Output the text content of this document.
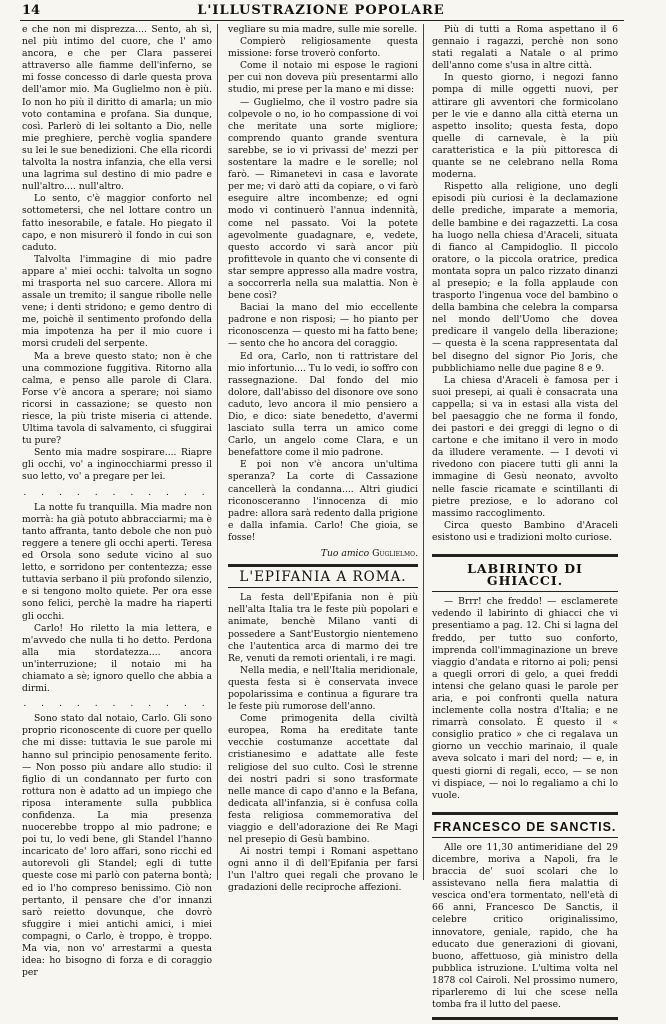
14	L'ILLUSTRAZIONE POPOLARE

e che non mi disprezza.... Sento, ah sì, nel più intimo del cuore, che l' amo ancora, e che per Clara passerei attraverso alle fiamme dell'inferno, se mi fosse concesso di darle questa prova dell'amor mio. Ma Guglielmo non è più. Io non ho più il diritto di amarla; un mio voto contamina e profana. Sia dunque, così. Parlerò di lei soltanto a Dio, nelle mie preghiere, perchè voglia spandere su lei le sue benedizioni. Che ella ricordi talvolta la nostra infanzia, che ella versi una lagrima sul destino di mio padre e null'altro.... null'altro.

Lo sento, c'è maggior conforto nel sottometersi, che nel lottare contro un fatto inesorabile, e fatale. Ho piegato il capo, e non misurerò il fondo in cui son caduto.

Talvolta l'immagine di mio padre appare a' miei occhi: talvolta un sogno mi trasporta nel suo carcere. Allora mi assale un tremito; il sangue ribolle nelle vene; i denti stridono; e gemo dentro di me, poichè il sentimento profondo della mia impotenza ha per il mio cuore i morsi crudeli del serpente.

Ma a breve questo stato; non è che una commozione fuggitiva. Ritorno alla calma, e penso alle parole di Clara. Forse v'è ancora a sperare; noi siamo ricorsi in cassazione; se questo non riesce, la più triste miseria ci attende. Ultima tavola di salvamento, ci sfuggirai tu pure?

Sento mia madre sospirare.... Riapre gli occhi, vo' a inginocchiarmi presso il suo letto, vo' a pregare per lei.

. . . . . . . . . . .

La notte fu tranquilla. Mia madre non morrà: ha già potuto abbracciarmi; ma è tanto affranta, tanto debole che non può reggere a tenere gli occhi aperti. Teresa ed Orsola sono sedute vicino al suo letto, e sorridono per contentezza; esse tuttavia serbano il più profondo silenzio, e si tengono molto quiete. Per ora esse sono felici, perchè la madre ha riaperti gli occhi.

Carlo! Ho riletto la mia lettera, e m'avvedo che nulla ti ho detto. Perdona alla mia stordatezza.... ancora un'interruzione; il notaio mi ha chiamato a sè; ignoro quello che abbia a dirmi.

. . . . . . . . . . .

Sono stato dal notaio, Carlo. Gli sono proprio riconoscente di cuore per quello che mi disse: tuttavia le sue parole mi hanno sul principio penosamente ferito. — Non posso più andare allo studio: il figlio di un condannato per furto con rottura non è adatto ad un impiego che riposa interamente sulla pubblica confidenza. La mia presenza nuocerebbe troppo al mio padrone; e poi tu, lo vedi bene, gli Standel l'hanno incaricato de' loro affari, sono ricchi ed autorevoli gli Standel; egli di tutte queste cose mi parlò con paterna bontà; ed io l'ho compreso benissimo. Ciò non pertanto, il pensare che d'or innanzi sarò reietto dovunque, che dovrò sfuggire i miei antichi amici, i miei compagni, o Carlo, è troppo, è troppo. Ma via, non vo' arrestarmi a questa idea: ho bisogno di forza e di coraggio per

vegliare su mia madre, sulle mie sorelle.

Compierò religiosamente questa missione: forse troverò conforto.

Come il notaio mi espose le ragioni per cui non doveva più presentarmi allo studio, mi prese per la mano e mi disse:

— Guglielmo, che il vostro padre sia colpevole o no, io ho compassione di voi che meritate una sorte migliore; comprendo quanto grande sventura sarebbe, se io vi privassi de' mezzi per sostentare la madre e le sorelle; nol farò. — Rimanetevi in casa e lavorate per me; vi darò atti da copiare, o vi farò eseguire altre incombenze; ed ogni modo vi continuerò l'annua indennità, come nel passato. Voi la potete agevolmente guadagnare, e, vedete, questo accordo vi sarà ancor più profittevole in quanto che vi consente di star sempre appresso alla madre vostra, a soccorrerla nella sua malattia. Non è bene così?

Baciai la mano del mio eccellente padrone e non risposi; — ho pianto per riconoscenza — questo mi ha fatto bene; — sento che ho ancora del coraggio.

Ed ora, Carlo, non ti rattristare del mio infortunio.... Tu lo vedi, io soffro con rassegnazione. Dal fondo del mio dolore, dall'abisso del disonore ove sono caduto, levo ancora il mio pensiero a Dio, e dico: siate benedetto, d'avermi lasciato sulla terra un amico come Carlo, un angelo come Clara, e un benefattore come il mio padrone.

E poi non v'è ancora un'ultima speranza? La corte di Cassazione cancellerà la condanna.... Altri giudici riconosceranno l'innocenza di mio padre: allora sarà redento dalla prigione e dalla infamia. Carlo! Che gioia, se fosse!

Tuo amico Guglielmo.
L'EPIFANIA A ROMA.

La festa dell'Epifania non è più nell'alta Italia tra le feste più popolari e animate, benchè Milano vanti di possedere a Sant'Eustorgio nientemeno che l'autentica arca di marmo dei tre Re, venuti da remoti orientali, i re magi.

Nella media, e nell'Italia meridionale, questa festa si è conservata invece popolarissima e continua a figurare tra le feste più rumorose dell'anno.

Come primogenita della civiltà europea, Roma ha ereditate tante vecchie costumanze accettate dal cristianesimo e adattate alle feste religiose del suo culto. Così le strenne dei nostri padri si sono trasformate nelle mance di capo d'anno e la Befana, dedicata all'infanzia, si è confusa colla festa religiosa commemorativa del viaggio e dell'adorazione dei Re Magi nel presepio di Gesù bambino.

Ai nostri tempi i Romani aspettano ogni anno il dì dell'Epifania per farsi l'un l'altro quei regali che provano le gradazioni delle reciproche affezioni.

Più di tutti a Roma aspettano il 6 gennaio i ragazzi, perchè non sono stati regalati a Natale o al primo dell'anno come s'usa in altre città.

In questo giorno, i negozi fanno pompa di mille oggetti nuovi, per attirare gli avventori che formicolano per le vie e danno alla città eterna un aspetto insolito; questa festa, dopo quelle di carnevale, è la più caratteristica e la più pittoresca di quante se ne celebrano nella Roma moderna.

Rispetto alla religione, uno degli episodi più curiosi è la declamazione delle prediche, imparate a memoria, delle bambine e dei ragazzetti. La cosa ha luogo nella chiesa d'Araceli, situata di fianco al Campidoglio. Il piccolo oratore, o la piccola oratrice, predica montata sopra un palco rizzato dinanzi al presepio; e la folla applaude con trasporto l'ingenua voce del bambino o della bambina che celebra la comparsa nel mondo dell'Uomo che dovea predicare il vangelo della liberazione; — questa è la scena rappresentata dal bel disegno del signor Pio Joris, che pubblichiamo nelle due pagine 8 e 9.

La chiesa d'Araceli è famosa per i suoi presepi, ai quali è consacrata una cappella; si va in estasi alla vista del bel paesaggio che ne forma il fondo, dei pastori e dei greggi di legno o di cartone e che imitano il vero in modo da illudere veramente. — I devoti vi rivedono con piacere tutti gli anni la immagine di Gesù neonato, avvolto nelle fascie ricamate e scintillanti di pietre preziose, e lo adorano col massimo raccoglimento.

Circa questo Bambino d'Araceli esistono usi e tradizioni molto curiose.

LABIRINTO DI GHIACCI.

— Brrr! che freddo! — esclamerete vedendo il labirinto di ghiacci che vi presentiamo a pag. 12. Chi si lagna del freddo, per tutto suo conforto, imprenda coll'immaginazione un breve viaggio d'andata e ritorno ai poli; pensi a quegli orrori di gelo, a quei freddi intensi che gelano quasi le parole per aria, e poi confronti quella natura inclemente colla nostra d'Italia; e ne rimarrà consolato. È questo il « consiglio pratico » che ci regalava un giorno un vecchio marinaio, il quale aveva solcato i mari del nord; — e, in questi giorni di regali, ecco, — se non vi dispiace, — noi lo regaliamo a chi lo vuole.

FRANCESCO DE SANCTIS.

Alle ore 11,30 antimeridiane del 29 dicembre, moriva a Napoli, fra le braccia de' suoi scolari che lo assistevano nella fiera malattia di vescica ond'era tormentato, nell'età di 66 anni, Francesco De Sanctis, il celebre critico originalissimo, innovatore, geniale, rapido, che ha educato due generazioni di giovani, buono, affettuoso, già ministro della pubblica istruzione. L'ultima volta nel 1878 col Cairoli. Nel prossimo numero, riparleremo di lui che scese nella tomba fra il lutto del paese.
